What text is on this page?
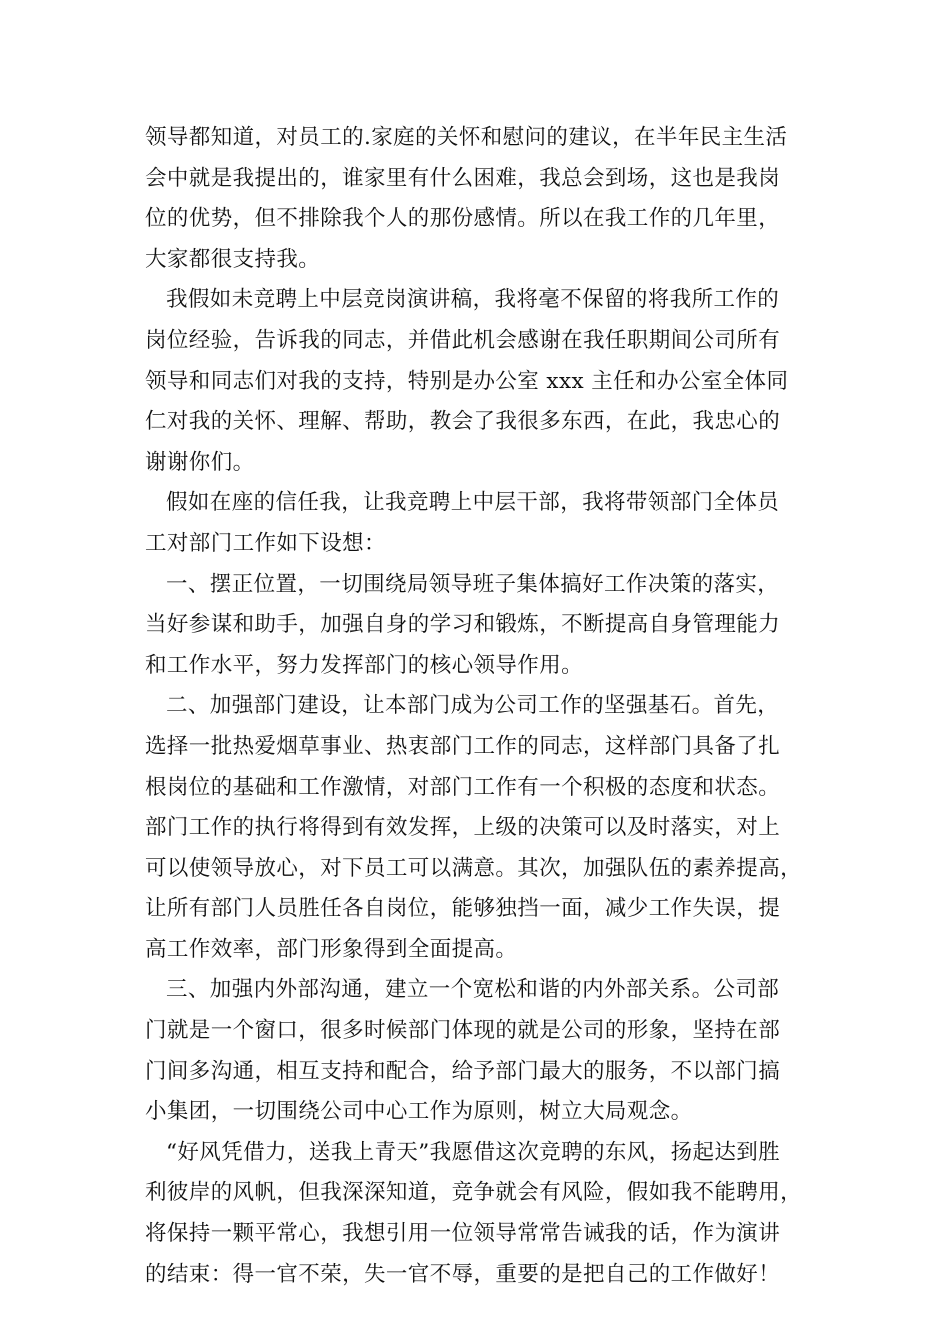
领导都知道，对员工的.家庭的关怀和慰问的建议，在半年民主生活
会中就是我提出的，谁家里有什么困难，我总会到场，这也是我岗
位的优势，但不排除我个人的那份感情。所以在我工作的几年里，
大家都很支持我。
我假如未竞聘上中层竞岗演讲稿，我将毫不保留的将我所工作的
岗位经验，告诉我的同志，并借此机会感谢在我任职期间公司所有
领导和同志们对我的支持，特别是办公室 xxx 主任和办公室全体同
仁对我的关怀、理解、帮助，教会了我很多东西，在此，我忠心的
谢谢你们。
假如在座的信任我，让我竞聘上中层干部，我将带领部门全体员
工对部门工作如下设想：
一、摆正位置，一切围绕局领导班子集体搞好工作决策的落实，
当好参谋和助手，加强自身的学习和锻炼，不断提高自身管理能力
和工作水平，努力发挥部门的核心领导作用。
二、加强部门建设，让本部门成为公司工作的坚强基石。首先，
选择一批热爱烟草事业、热衷部门工作的同志，这样部门具备了扎
根岗位的基础和工作激情，对部门工作有一个积极的态度和状态。
部门工作的执行将得到有效发挥，上级的决策可以及时落实，对上
可以使领导放心，对下员工可以满意。其次，加强队伍的素养提高，
让所有部门人员胜任各自岗位，能够独挡一面，减少工作失误，提
高工作效率，部门形象得到全面提高。
三、加强内外部沟通，建立一个宽松和谐的内外部关系。公司部
门就是一个窗口，很多时候部门体现的就是公司的形象，坚持在部
门间多沟通，相互支持和配合，给予部门最大的服务，不以部门搞
小集团，一切围绕公司中心工作为原则，树立大局观念。
“好风凭借力，送我上青天”我愿借这次竞聘的东风，扬起达到胜
利彼岸的风帆，但我深深知道，竞争就会有风险，假如我不能聘用，
将保持一颗平常心，我想引用一位领导常常告诫我的话，作为演讲
的结束：得一官不荣，失一官不辱，重要的是把自己的工作做好！
